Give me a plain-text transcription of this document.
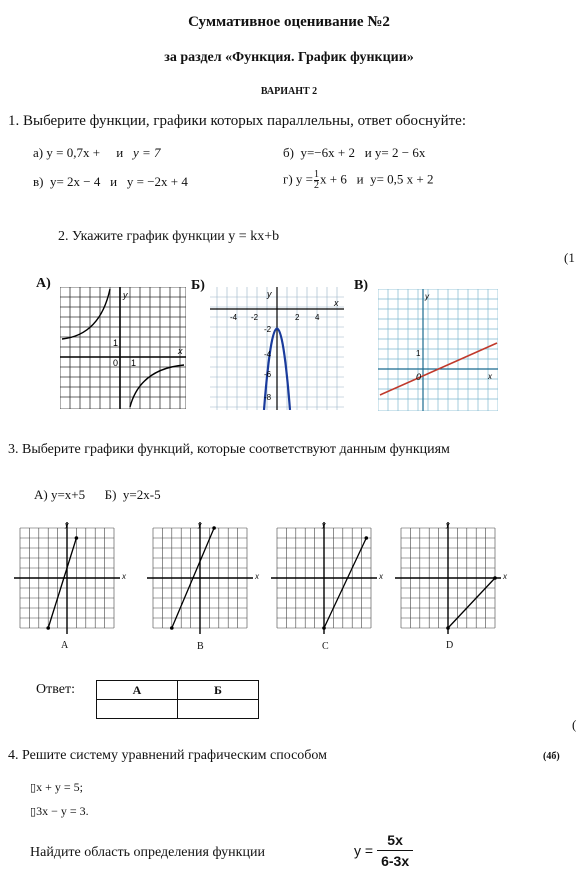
Суммативное оценивание №2
за раздел «Функция. График функции»
ВАРИАНТ 2
1. Выберите функции, графики которых параллельны, ответ обоснуйте:
а) y = 0,7x + и y = 7	б) y=−6x + 2 и y= 2 − 6x
в) y= 2x − 4 и y = −2x + 4	г) $y = \frac{1}{2}$ x + 6 и y= 0,5 x + 2
2. Укажите график функции y = kx+b
(1
А)	Б)	В)
1
0 1
y
x
-4 -2	2 4
-2
-4
-6
-8
y
x
1
0
y
x
3. Выберите графики функций, которые соответствуют данным функциям
А) y=x+5      Б)  y=2x-5
y
x
y
x
y
x
y
x
A	B	C	D
Ответ:	А	Б

(
4. Решите систему уравнений графическим способом	(4б)
▯x + y = 5;
▯3x − y = 3.
Найдите область определения функции	$y = \frac{5x}{6-3x}$
